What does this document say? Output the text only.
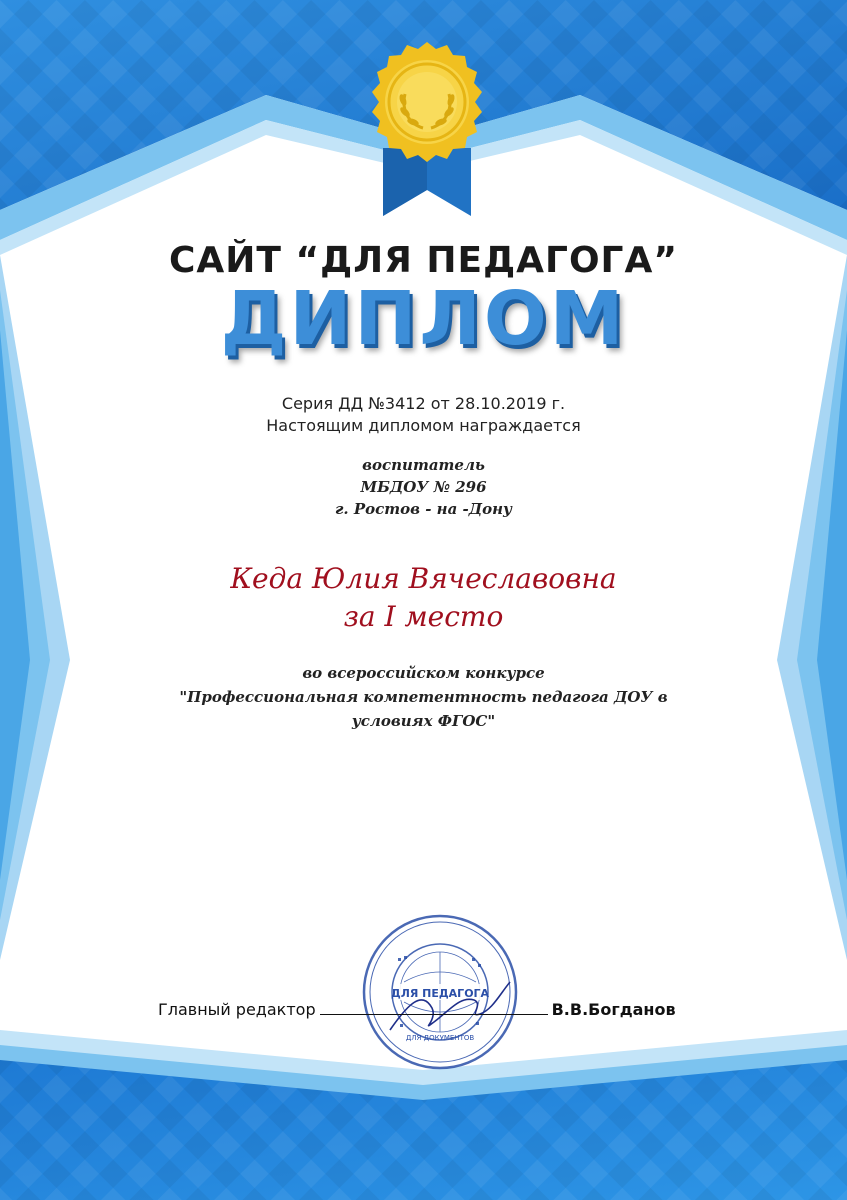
САЙТ “ДЛЯ ПЕДАГОГА”
ДИПЛОМ
Серия ДД №3412 от 28.10.2019 г.
Настоящим дипломом награждается
воспитатель
МБДОУ № 296
г. Ростов - на -Дону
Кеда Юлия Вячеславовна
за I место
во всероссийском конкурсе
"Профессиональная компетентность педагога ДОУ в
условиях ФГОС"
ДЛЯ ПЕДАГОГА
ДЛЯ ДОКУМЕНТОВ
Главный редактор	В.В.Богданов
